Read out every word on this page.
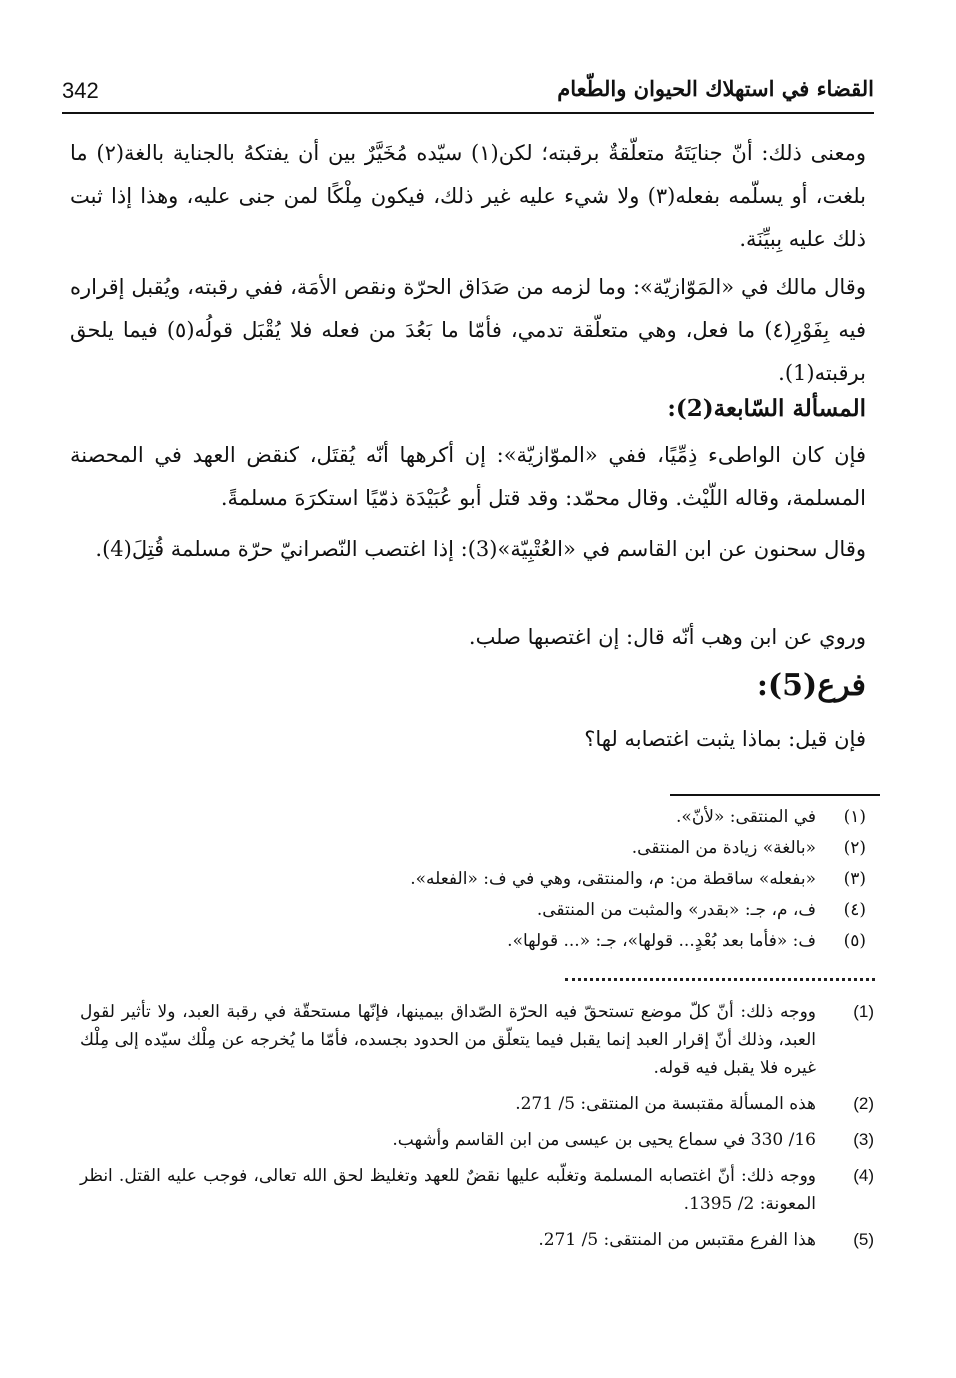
القضاء في استهلاك الحيوان والطّعام
342
ومعنى ذلك: أنّ جنايَتَهُ متعلّقةٌ برقبته؛ لكن(١) سيّده مُخَيَّرٌ بين أن يفتكهُ بالجناية بالغة(٢) ما بلغت، أو يسلّمه بفعله(٣) ولا شيء عليه غير ذلك، فيكون مِلْكًا لمن جنى عليه، وهذا إذا ثبت ذلك عليه بِبيِّنَة.
وقال مالك في «المَوّازيّة»: وما لزمه من صَدَاق الحرّة ونقص الأمَة، ففي رقبته، ويُقبل إقراره فيه بِفَوْرِ(٤) ما فعل، وهي متعلّقة تدمي، فأمّا ما بَعُدَ من فعله فلا يُقْبَل قولُه(٥) فيما يلحق برقبته(1).
المسألة السّابعة(2):
فإن كان الواطىء ذِمِّيًا، ففي «الموّازيّة»: إن أكرهها أنّه يُقتَل، كنقض العهد في المحصنة المسلمة، وقاله اللّيْث. وقال محمّد: وقد قتل أبو عُبَيْدَة ذمّيًا استكرَهَ مسلمةً.
وقال سحنون عن ابن القاسم في «العُتْبِيّة»(3): إذا اغتصب النّصرانيّ حرّة مسلمة قُتِلَ(4).
وروي عن ابن وهب أنّه قال: إن اغتصبها صلب.
فرع(5):
فإن قيل: بماذا يثبت اغتصابه لها؟
(١)
في المنتقى: «لأنّ».
(٢)
«بالغة» زيادة من المنتقى.
(٣)
«بفعله» ساقطة من: م، والمنتقى، وهي في ف: «الفعله».
(٤)
ف، م، جـ: «بقدر» والمثبت من المنتقى.
(٥)
ف: «فأما بعد بُعْدٍ... قولها»، جـ: «... قولها».
(1)
ووجه ذلك: أنّ كلّ موضع تستحقّ فيه الحرّة الصّداق بيمينها، فإنّها مستحقّة في رقبة العبد، ولا تأثير لقول العبد، وذلك أنّ إقرار العبد إنما يقبل فيما يتعلّق من الحدود بجسده، فأمّا ما يُخرجه عن مِلْك سيّده إلى مِلْك غيره فلا يقبل فيه قوله.
(2)
هذه المسألة مقتبسة من المنتقى: 5/ 271.
(3)
16/ 330 في سماع يحيى بن عيسى من ابن القاسم وأشهب.
(4)
ووجه ذلك: أنّ اغتصابه المسلمة وتغلّبه عليها نقضٌ للعهد وتغليظ لحق الله تعالى، فوجب عليه القتل. انظر المعونة: 2/ 1395.
(5)
هذا الفرع مقتبس من المنتقى: 5/ 271.
